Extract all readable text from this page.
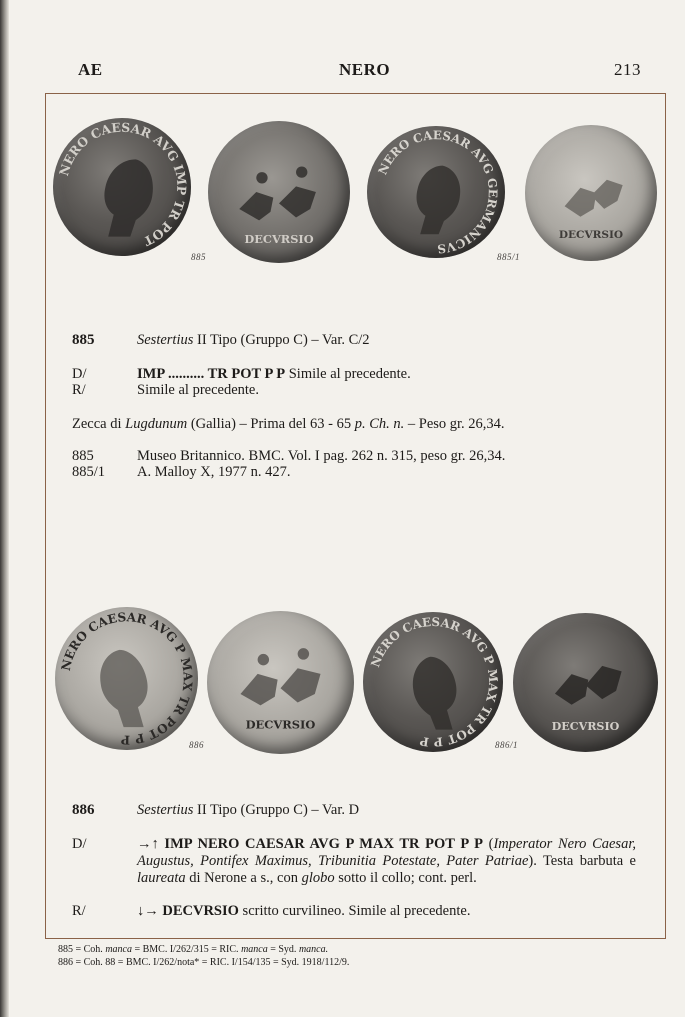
AE	NERO	213
NERO CAESAR AVG IMP TR POT	DECVRSIO
NERO CAESAR AVG GERMANICVS
DECVRSIO
885	885/1
885	Sestertius II Tipo (Gruppo C) – Var. C/2
D/	IMP .......... TR POT P P Simile al precedente.
R/	Simile al precedente.
Zecca di Lugdunum (Gallia) – Prima del 63 - 65 p. Ch. n. – Peso gr. 26,34.
885	Museo Britannico. BMC. Vol. I pag. 262 n. 315, peso gr. 26,34.
885/1 A. Malloy X, 1977 n. 427.
NERO CAESAR AVG P MAX TR POT P P
DECVRSIO
NERO CAESAR AVG P MAX TR POT P P
DECVRSIO
886	886/1
886	Sestertius II Tipo (Gruppo C) – Var. D
D/	→↑ IMP NERO CAESAR AVG P MAX TR POT P P (Imperator Nero Caesar, Augustus, Pontifex Maximus, Tribunitia Potestate, Pater Patriae). Testa barbuta e laureata di Nerone a s., con globo sotto il collo; cont. perl.
R/	↓→ DECVRSIO scritto curvilineo. Simile al precedente.
885 = Coh. manca = BMC. I/262/315 = RIC. manca = Syd. manca.
886 = Coh. 88 = BMC. I/262/nota* = RIC. I/154/135 = Syd. 1918/112/9.
